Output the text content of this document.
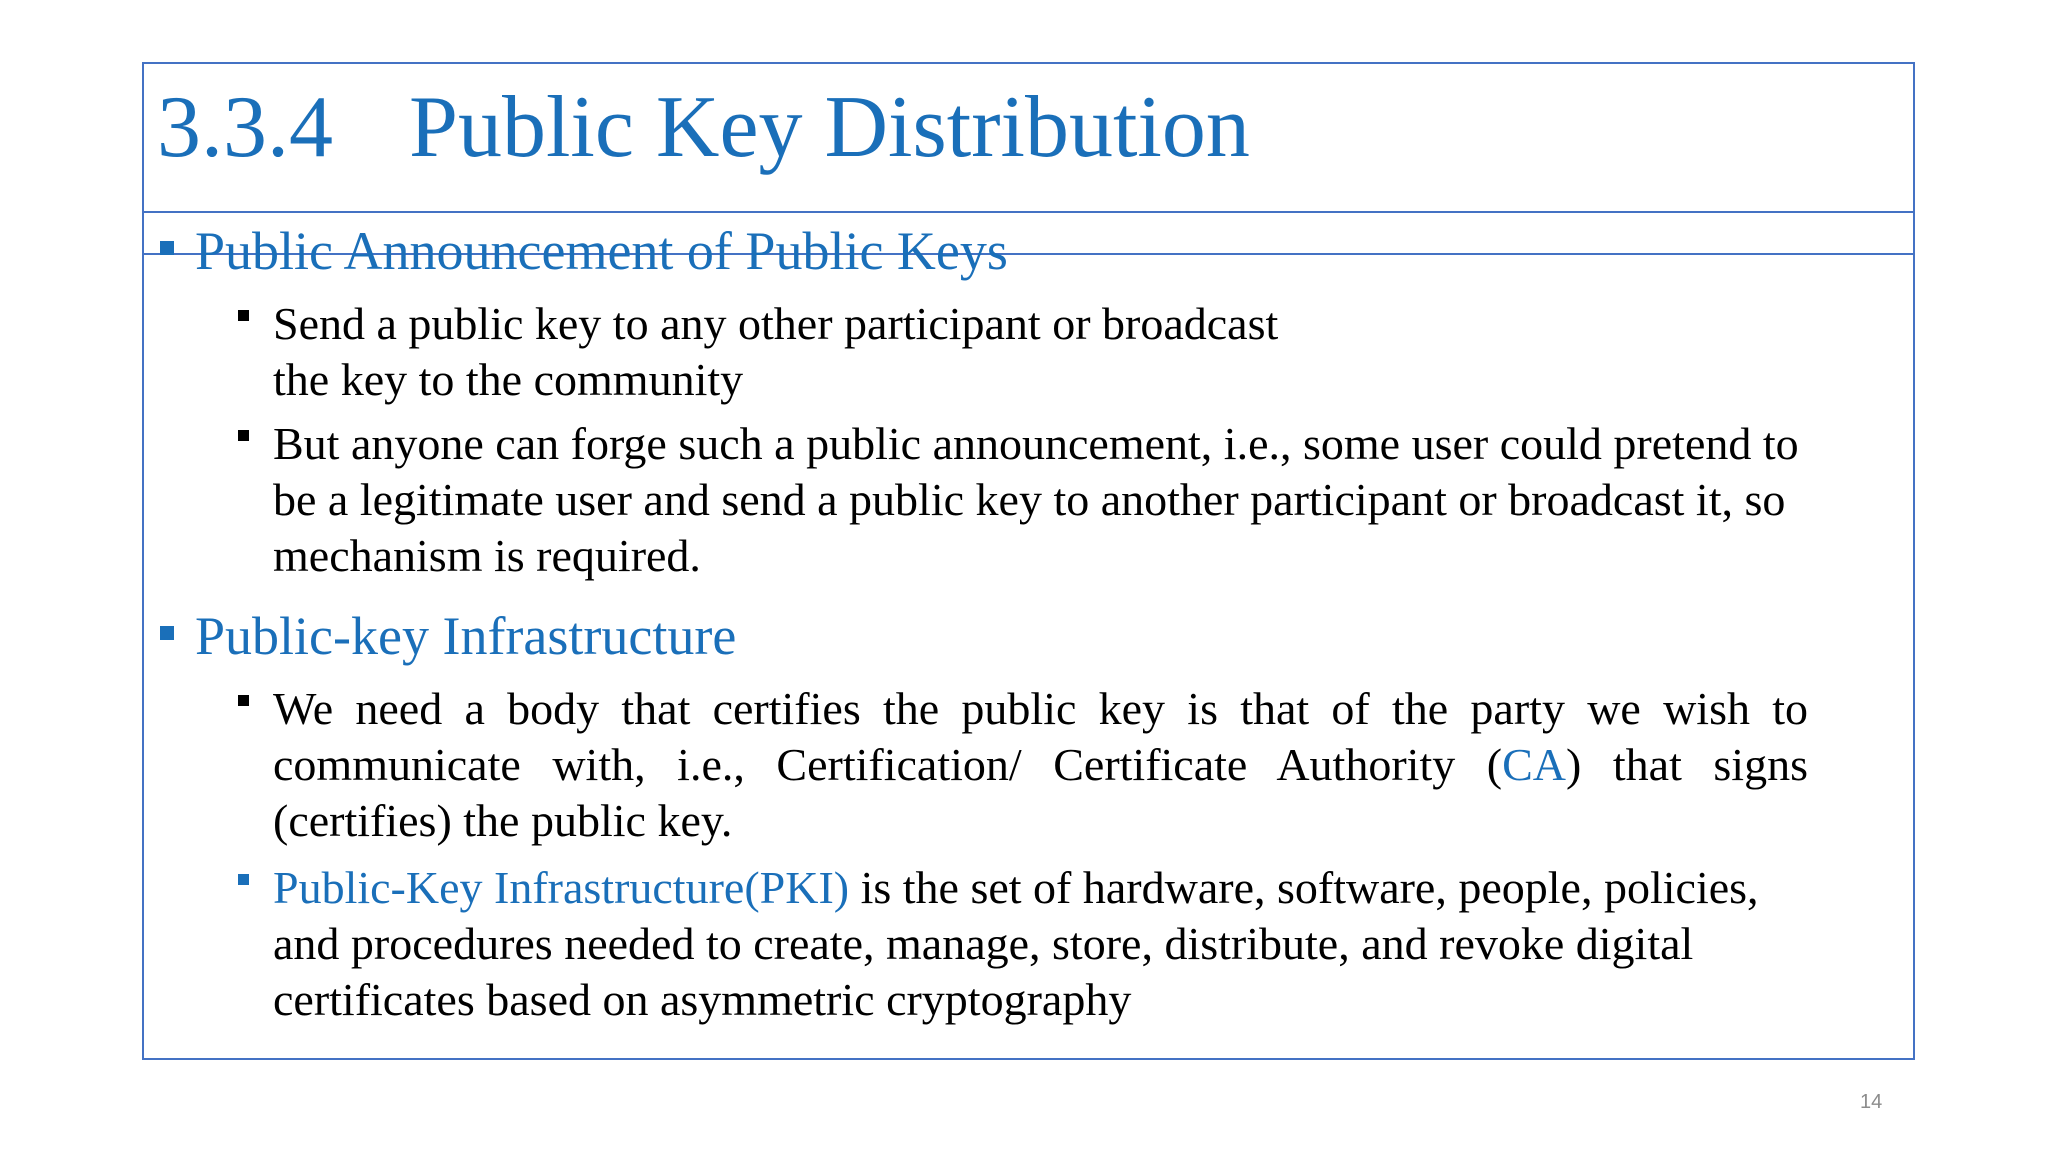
3.3.4 Public Key Distribution
Public Announcement of Public Keys
Send a public key to any other participant or broadcast the key to the community
But anyone can forge such a public announcement, i.e., some user could pretend to be a legitimate user and send a public key to another participant or broadcast it, so mechanism is required.
Public-key Infrastructure
We need a body that certifies the public key is that of the party we wish to communicate with, i.e., Certification/ Certificate Authority (CA) that signs (certifies) the public key.
Public-Key Infrastructure(PKI) is the set of hardware, software, people, policies, and procedures needed to create, manage, store, distribute, and revoke digital certificates based on asymmetric cryptography
14
